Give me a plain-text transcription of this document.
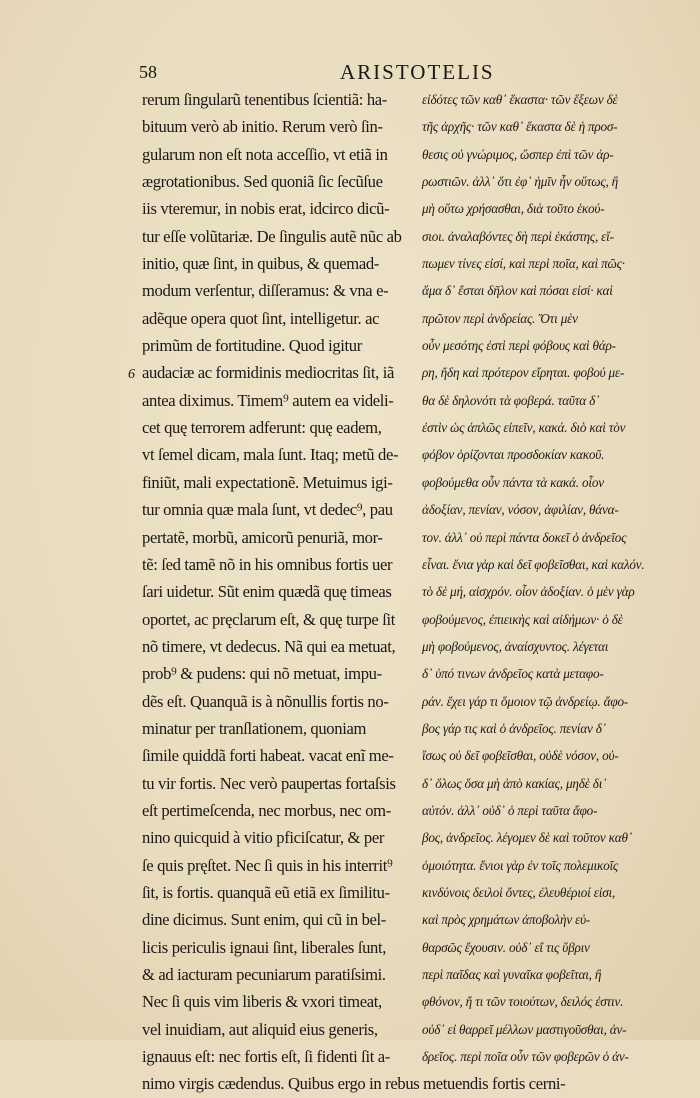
58	ARISTOTELIS
6
rerum ſingularũ tenentibus ſcientiã: ha-
bituum verò ab initio. Rerum verò ſin-
gularum non eſt nota acceſſio, vt etiã in
ægrotationibus. Sed quoniã ſic ſecũſue
iis vteremur, in nobis erat, idcirco dicũ-
tur eſſe volũtariæ. De ſingulis autẽ nũc ab
initio, quæ ſint, in quibus, & quemad-
modum verſentur, diſſeramus: & vna e-
adẽque opera quot ſint, intelligetur. ac
primũm de fortitudine. Quod igitur
audaciæ ac formidinis mediocritas ſit, iã
antea diximus. Timem⁹ autem ea videli-
cet quę terrorem adferunt: quę eadem,
vt ſemel dicam, mala ſunt. Itaq; metũ de-
finiũt, mali expectationẽ. Metuimus igi-
tur omnia quæ mala ſunt, vt dedec⁹, pau
pertatẽ, morbũ, amicorũ penuriã, mor-
tẽ: ſed tamẽ nõ in his omnibus fortis uer
ſari uidetur. Sũt enim quædã quę timeas
oportet, ac pręclarum eſt, & quę turpe ſit
nõ timere, vt dedecus. Nã qui ea metuat,
prob⁹ & pudens: qui nõ metuat, impu-
dẽs eſt. Quanquã is à nõnullis fortis no-
minatur per tranſlationem, quoniam
ſimile quiddã forti habeat. vacat enĩ me-
tu vir fortis. Nec verò paupertas fortaſsis
eſt pertimeſcenda, nec morbus, nec om-
nino quicquid à vitio pficiſcatur, & per
ſe quis pręſtet. Nec ſi quis in his interrit⁹
ſit, is fortis. quanquã eũ etiã ex ſimilitu-
dine dicimus. Sunt enim, qui cũ in bel-
licis periculis ignaui ſint, liberales ſunt,
& ad iacturam pecuniarum paratiſsimi.
Nec ſi quis vim liberis & vxori timeat,
vel inuidiam, aut aliquid eius generis,
ignauus eſt: nec fortis eſt, ſi fidenti ſit a-
nimo virgis cædendus. Quibus ergo in rebus metuendis fortis cerni-
εἰδότες τῶν καθ᾽ ἕκαστα· τῶν ἕξεων δὲ
τῆς ἀρχῆς· τῶν καθ᾽ ἕκαστα δὲ ἡ προσ-
θεσις οὐ γνώριμος, ὥσπερ ἐπὶ τῶν ἀρ-
ρωστιῶν. ἀλλ᾽ ὅτι ἐφ᾽ ἡμῖν ἦν οὕτως, ἢ
μὴ οὕτω χρήσασθαι, διὰ τοῦτο ἑκού-
σιοι. ἀναλαβόντες δὴ περὶ ἑκάστης, εἴ-
πωμεν τίνες εἰσί, καὶ περὶ ποῖα, καὶ πῶς·
ἅμα δ᾽ ἔσται δῆλον καὶ πόσαι εἰσί· καὶ
πρῶτον περὶ ἀνδρείας. Ὅτι μὲν
οὖν μεσότης ἐστὶ περὶ φόβους καὶ θάρ-
ρη, ἤδη καὶ πρότερον εἴρηται. φοβού με-
θα δὲ δηλονότι τὰ φοβερά. ταῦτα δ᾽
ἐστὶν ὡς ἁπλῶς εἰπεῖν, κακά. διὸ καὶ τὸν
φόβον ὁρίζονται προσδοκίαν κακοῦ.
φοβούμεθα οὖν πάντα τὰ κακά. οἷον
ἀδοξίαν, πενίαν, νόσον, ἀφιλίαν, θάνα-
τον. ἀλλ᾽ οὐ περὶ πάντα δοκεῖ ὁ ἀνδρεῖος
εἶναι. ἔνια γὰρ καὶ δεῖ φοβεῖσθαι, καὶ καλόν.
τὸ δὲ μή, αἰσχρόν. οἷον ἀδοξίαν. ὁ μὲν γὰρ
φοβούμενος, ἐπιεικὴς καὶ αἰδήμων· ὁ δὲ
μὴ φοβούμενος, ἀναίσχυντος. λέγεται
δ᾽ ὑπό τινων ἀνδρεῖος κατὰ μεταφο-
ράν. ἔχει γάρ τι ὅμοιον τῷ ἀνδρείῳ. ἄφο-
βος γάρ τις καὶ ὁ ἀνδρεῖος. πενίαν δ᾽
ἴσως οὐ δεῖ φοβεῖσθαι, οὐδὲ νόσον, οὐ-
δ᾽ ὅλως ὅσα μὴ ἀπὸ κακίας, μηδὲ δι᾽
αὐτόν. ἀλλ᾽ οὐδ᾽ ὁ περὶ ταῦτα ἄφο-
βος, ἀνδρεῖος. λέγομεν δὲ καὶ τοῦτον καθ᾽
ὁμοιότητα. ἔνιοι γὰρ ἐν τοῖς πολεμικοῖς
κινδύνοις δειλοὶ ὄντες, ἐλευθέριοί εἰσι,
καὶ πρὸς χρημάτων ἀποβολὴν εὐ-
θαρσῶς ἔχουσιν. οὐδ᾽ εἴ τις ὕβριν
περὶ παῖδας καὶ γυναῖκα φοβεῖται, ἢ
φθόνον, ἤ τι τῶν τοιούτων, δειλός ἐστιν.
οὐδ᾽ εἰ θαρρεῖ μέλλων μαστιγοῦσθαι, ἀν-
δρεῖος. περὶ ποῖα οὖν τῶν φοβερῶν ὁ ἀν-
